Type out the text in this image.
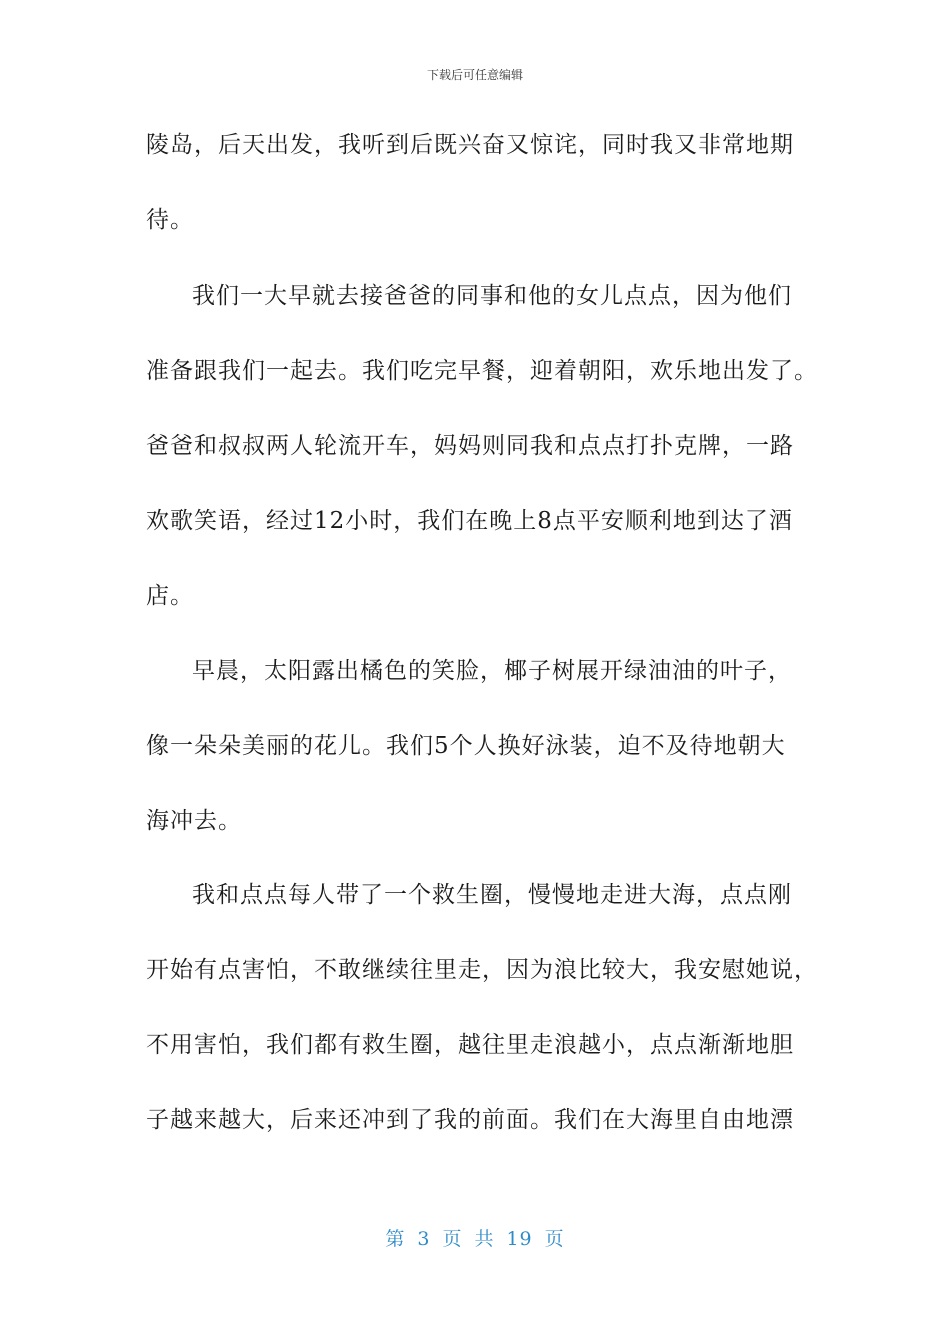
下载后可任意编辑
陵岛，后天出发，我听到后既兴奋又惊诧，同时我又非常地期
待。
我们一大早就去接爸爸的同事和他的女儿点点，因为他们
准备跟我们一起去。我们吃完早餐，迎着朝阳，欢乐地出发了。
爸爸和叔叔两人轮流开车，妈妈则同我和点点打扑克牌，一路
欢歌笑语，经过12小时，我们在晚上8点平安顺利地到达了酒
店。
早晨，太阳露出橘色的笑脸，椰子树展开绿油油的叶子，
像一朵朵美丽的花儿。我们5个人换好泳装，迫不及待地朝大
海冲去。
我和点点每人带了一个救生圈，慢慢地走进大海，点点刚
开始有点害怕，不敢继续往里走，因为浪比较大，我安慰她说，
不用害怕，我们都有救生圈，越往里走浪越小，点点渐渐地胆
子越来越大，后来还冲到了我的前面。我们在大海里自由地漂
第 3 页 共 19 页
